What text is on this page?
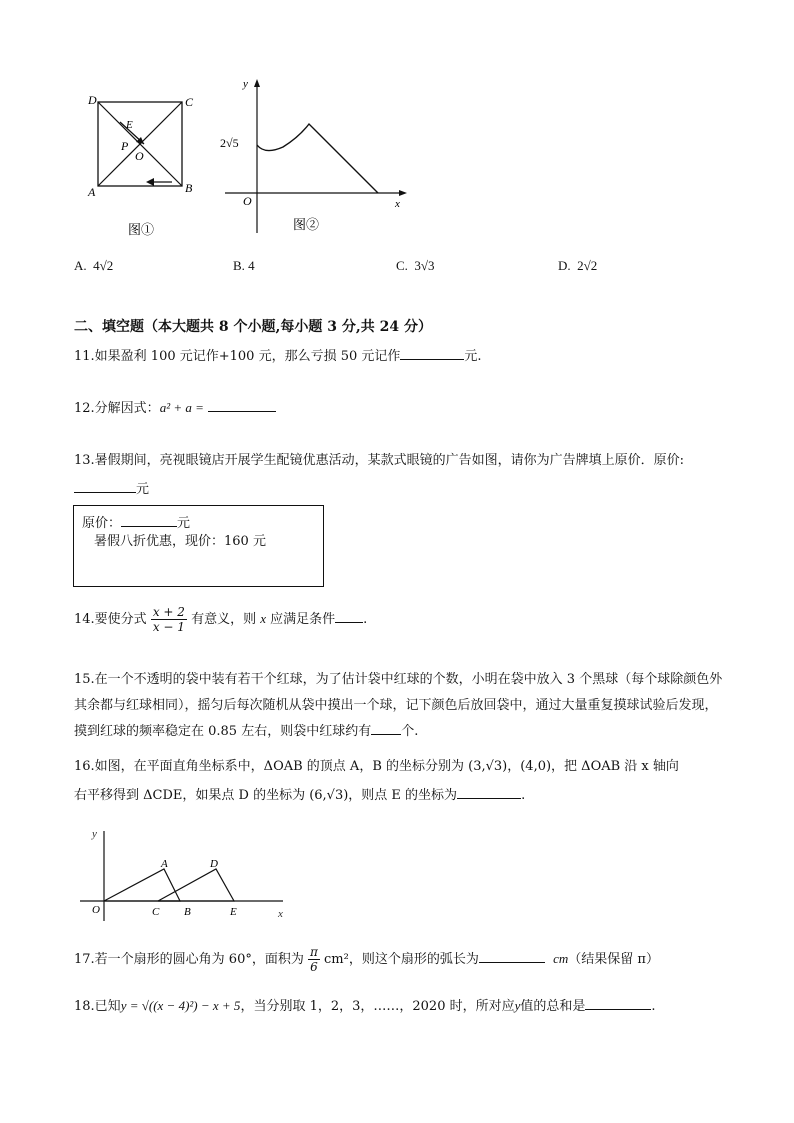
D	C
A	B
E
P
O
图①
y
x
O
2√5
图②
A. 4√2	B. 4	C. 3√3	D. 2√2
二、填空题（本大题共 8 个小题,每小题 3 分,共 24 分）
11.如果盈利 100 元记作+100 元，那么亏损 50 元记作	元.
12.分解因式：a² + a =
13.暑假期间，亮视眼镜店开展学生配镜优惠活动，某款式眼镜的广告如图，请你为广告牌填上原价．原价:
元
原价：	元
暑假八折优惠，现价：160 元
14.要使分式 $\frac{x + 2}{x - 1}$ 有意义，则 x 应满足条件 .
15.在一个不透明的袋中装有若干个红球，为了估计袋中红球的个数，小明在袋中放入 3 个黑球（每个球除颜色外其余都与红球相同），摇匀后每次随机从袋中摸出一个球，记下颜色后放回袋中，通过大量重复摸球试验后发现，摸到红球的频率稳定在 0.85 左右，则袋中红球约有 个.
16.如图，在平面直角坐标系中，ΔOAB 的顶点 A，B 的坐标分别为 (3,√3)，(4,0)，把 ΔOAB 沿 x 轴向
右平移得到 ΔCDE，如果点 D 的坐标为 (6,√3)，则点 E 的坐标为	.
y
x
O
A
C B
D
E
17.若一个扇形的圆心角为 60°，面积为 $\frac{\pi}{6} cm^2$，则这个扇形的弧长为	cm（结果保留 π）
18.已知y = √((x − 4)²) − x + 5，当分别取 1，2，3，……，2020 时，所对应y值的总和是	.
